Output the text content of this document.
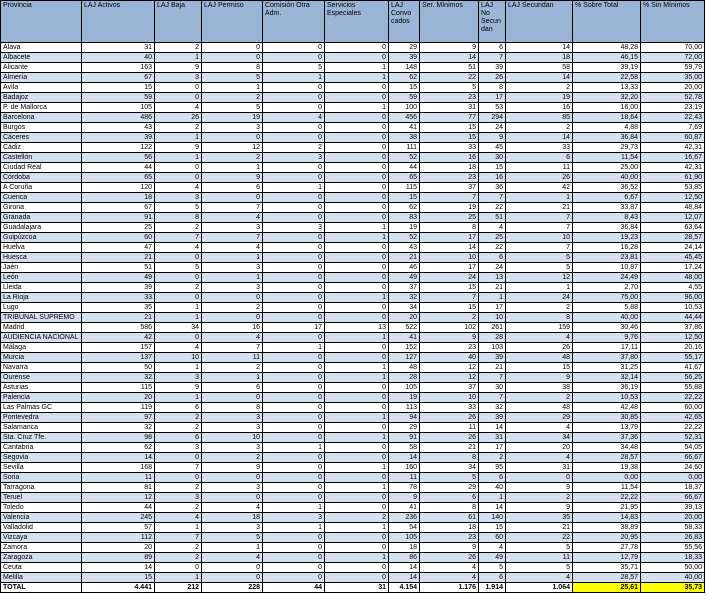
Provincia	LAJ Activos	LAJ Baja	LAJ Permiso	Comisión Otra Adm.	Servicios Especiales	LAJ Convo cados	Ser. Mínimos	LAJ No Secun dan	LAJ Secundan	% Sobre Total	% Sin Mínimos
Álava	31	2	0	0	0	29	9	6	14	48,28	70,00
Albacete	40	1	0	0	0	39	14	7	18	46,15	72,00
Alicante	163	9	8	5	1	148	51	39	58	39,19	59,79
Almería	67	3	5	1	1	62	22	26	14	22,58	35,00
Ávila	15	0	1	0	0	15	5	8	2	13,33	20,00
Badajoz	59	0	2	0	0	59	23	17	19	32,20	52,78
P. de Mallorca	105	4	5	0	1	100	31	53	16	16,00	23,19
Barcelona	486	26	19	4	0	456	77	294	85	18,64	22,43
Burgos	43	2	3	0	0	41	15	24	2	4,88	7,69
Cáceres	39	1	0	0	0	38	15	9	14	36,84	60,87
Cádiz	122	9	12	2	0	111	33	45	33	29,73	42,31
Castellón	56	1	2	3	0	52	16	30	6	11,54	16,67
Ciudad Real	44	0	1	0	0	44	18	15	11	25,00	42,31
Córdoba	65	0	9	0	0	65	23	16	26	40,00	61,90
A Coruña	120	4	6	1	0	115	37	36	42	36,52	53,85
Cuenca	18	3	0	0	0	15	7	7	1	6,67	12,50
Girona	67	5	7	0	0	62	19	22	21	33,87	48,84
Granada	91	8	4	0	0	83	25	51	7	8,43	12,07
Guadalajara	25	2	3	3	1	19	8	4	7	36,84	63,64
Guipúzcoa	60	7	7	0	1	52	17	25	10	19,23	28,57
Huelva	47	4	4	0	0	43	14	22	7	16,28	24,14
Huesca	21	0	1	0	0	21	10	6	5	23,81	45,45
Jaén	51	5	3	0	0	46	17	24	5	10,87	17,24
León	49	0	1	0	0	49	24	13	12	24,49	48,00
Lleida	39	2	3	0	0	37	15	21	1	2,70	4,55
La Rioja	33	0	0	0	1	32	7	1	24	75,00	96,00
Lugo	35	1	2	0	0	34	15	17	2	5,88	10,53
TRIBUNAL SUPREMO	21	1	0	0	0	20	2	10	8	40,00	44,44
Madrid	586	34	16	17	13	522	102	261	159	30,46	37,86
AUDIENCIA NACIONAL	42	0	4	0	1	41	9	28	4	9,76	12,50
Málaga	157	4	7	1	0	152	23	103	26	17,11	20,16
Murcia	137	10	11	0	0	127	40	39	48	37,80	55,17
Navarra	50	1	2	0	1	48	12	21	15	31,25	41,67
Ourense	32	3	1	0	1	28	12	7	9	32,14	56,25
Asturias	115	9	6	0	0	105	37	30	38	36,19	55,88
Palencia	20	1	0	0	0	19	10	7	2	10,53	22,22
Las Palmas GC	119	6	8	0	0	113	33	32	48	42,48	60,00
Pontevedra	97	2	3	0	1	94	26	39	29	30,85	42,65
Salamanca	32	2	3	0	0	29	11	14	4	13,79	22,22
Sta. Cruz Tfe.	98	6	10	0	1	91	26	31	34	37,36	52,31
Cantabria	62	3	3	1	0	58	21	17	20	34,48	54,05
Segovia	14	0	2	0	0	14	8	2	4	28,57	66,67
Sevilla	168	7	9	0	1	160	34	95	31	19,38	24,60
Soria	11	0	0	0	0	11	5	6	0	0,00	0,00
Tarragona	81	2	3	0	1	78	29	40	9	11,54	18,37
Teruel	12	3	0	0	0	9	6	1	2	22,22	66,67
Toledo	44	2	4	1	0	41	8	14	9	21,95	39,13
Valencia	245	4	18	3	2	236	61	140	35	14,83	20,00
Valladolid	57	1	3	1	1	54	18	15	21	38,89	58,33
Vizcaya	112	7	5	0	0	105	23	60	22	20,95	26,83
Zamora	20	2	1	0	0	18	9	4	5	27,78	55,56
Zaragoza	89	2	4	0	1	86	26	49	11	12,79	18,33
Ceuta	14	0	0	0	0	14	4	5	5	35,71	50,00
Melilla	15	1	0	0	0	14	4	6	4	28,57	40,00
TOTAL	4.441	212	228	44	31	4.154	1.176	1.914	1.064	25,61	35,73
